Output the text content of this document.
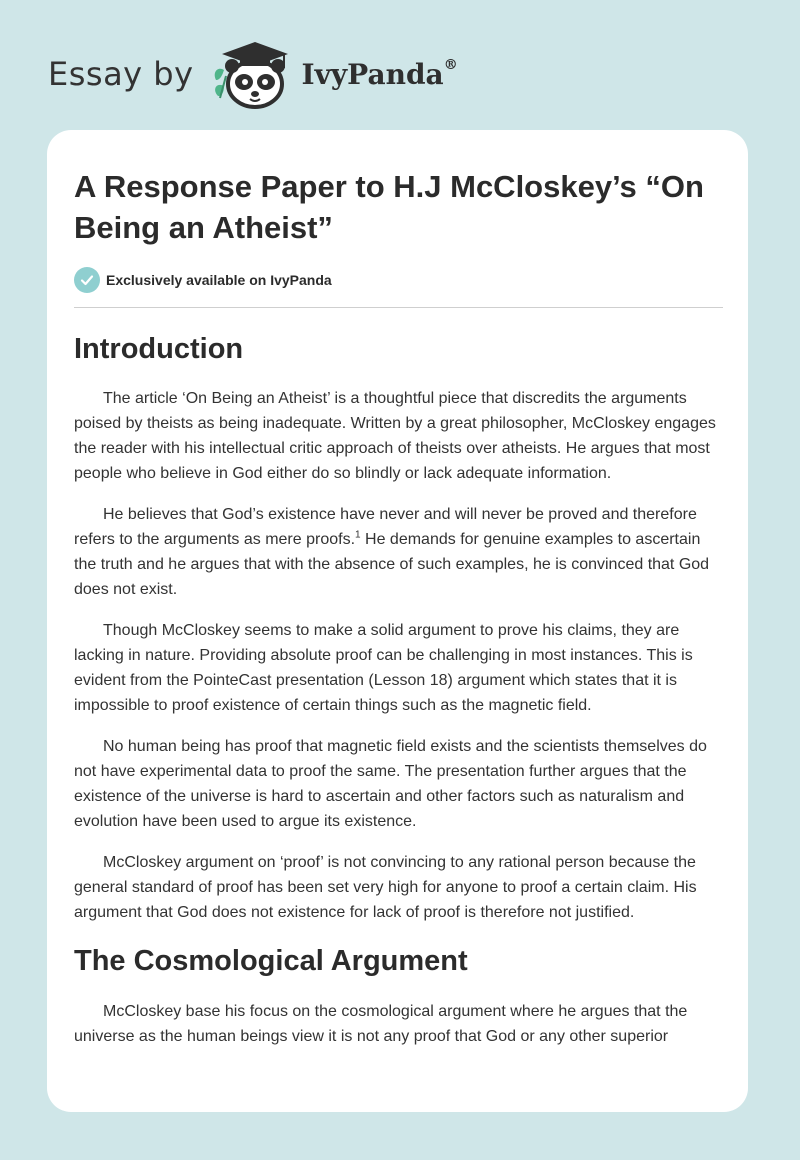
Essay by	IvyPanda®
A Response Paper to H.J McCloskey’s “On Being an Atheist”
Exclusively available on IvyPanda
Introduction

The article ‘On Being an Atheist’ is a thoughtful piece that discredits the arguments poised by theists as being inadequate. Written by a great philosopher, McCloskey engages the reader with his intellectual critic approach of theists over atheists. He argues that most people who believe in God either do so blindly or lack adequate information.

He believes that God’s existence have never and will never be proved and therefore refers to the arguments as mere proofs.$^1$ He demands for genuine examples to ascertain the truth and he argues that with the absence of such examples, he is convinced that God does not exist.

Though McCloskey seems to make a solid argument to prove his claims, they are lacking in nature. Providing absolute proof can be challenging in most instances. This is evident from the PointeCast presentation (Lesson 18) argument which states that it is impossible to proof existence of certain things such as the magnetic field.

No human being has proof that magnetic field exists and the scientists themselves do not have experimental data to proof the same. The presentation further argues that the existence of the universe is hard to ascertain and other factors such as naturalism and evolution have been used to argue its existence.

McCloskey argument on ‘proof’ is not convincing to any rational person because the general standard of proof has been set very high for anyone to proof a certain claim. His argument that God does not existence for lack of proof is therefore not justified.

The Cosmological Argument

McCloskey base his focus on the cosmological argument where he argues that the universe as the human beings view it is not any proof that God or any other superior
